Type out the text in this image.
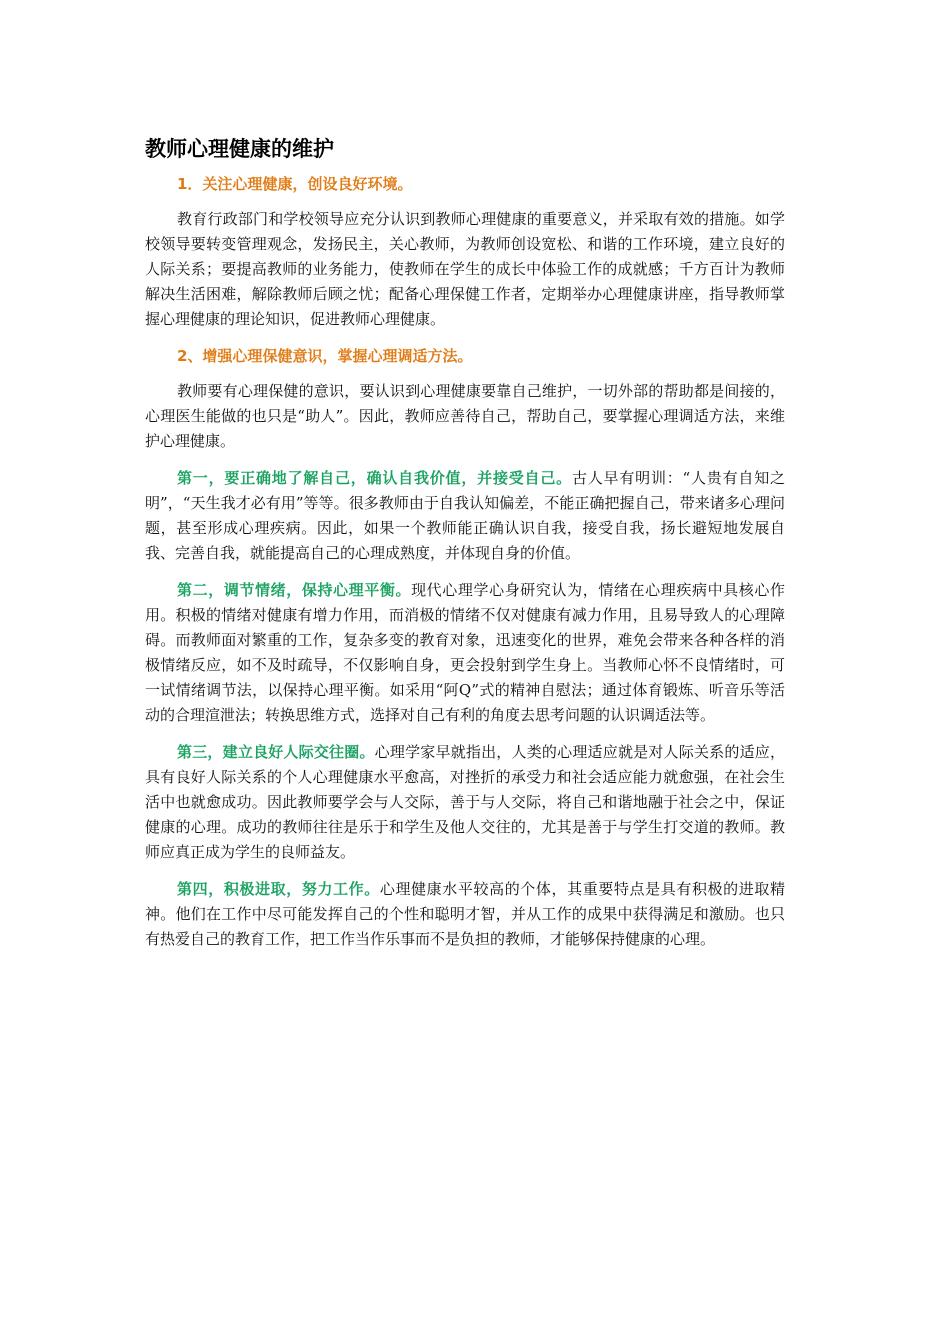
教师心理健康的维护
1．关注心理健康，创设良好环境。

教育行政部门和学校领导应充分认识到教师心理健康的重要意义，并采取有效的措施。如学校领导要转变管理观念，发扬民主，关心教师，为教师创设宽松、和谐的工作环境，建立良好的人际关系；要提高教师的业务能力，使教师在学生的成长中体验工作的成就感；千方百计为教师解决生活困难，解除教师后顾之忧；配备心理保健工作者，定期举办心理健康讲座，指导教师掌握心理健康的理论知识，促进教师心理健康。

2、增强心理保健意识，掌握心理调适方法。

教师要有心理保健的意识，要认识到心理健康要靠自己维护，一切外部的帮助都是间接的，心理医生能做的也只是“助人”。因此，教师应善待自己，帮助自己，要掌握心理调适方法，来维护心理健康。

第一，要正确地了解自己，确认自我价值，并接受自己。古人早有明训：“人贵有自知之明”，“天生我才必有用”等等。很多教师由于自我认知偏差，不能正确把握自己，带来诸多心理问题，甚至形成心理疾病。因此，如果一个教师能正确认识自我，接受自我，扬长避短地发展自我、完善自我，就能提高自己的心理成熟度，并体现自身的价值。

第二，调节情绪，保持心理平衡。现代心理学心身研究认为，情绪在心理疾病中具核心作用。积极的情绪对健康有增力作用，而消极的情绪不仅对健康有减力作用，且易导致人的心理障碍。而教师面对繁重的工作，复杂多变的教育对象，迅速变化的世界，难免会带来各种各样的消极情绪反应，如不及时疏导，不仅影响自身，更会投射到学生身上。当教师心怀不良情绪时，可一试情绪调节法，以保持心理平衡。如采用“阿Q”式的精神自慰法；通过体育锻炼、听音乐等活动的合理渲泄法；转换思维方式，选择对自己有利的角度去思考问题的认识调适法等。

第三，建立良好人际交往圈。心理学家早就指出，人类的心理适应就是对人际关系的适应，具有良好人际关系的个人心理健康水平愈高，对挫折的承受力和社会适应能力就愈强，在社会生活中也就愈成功。因此教师要学会与人交际，善于与人交际，将自己和谐地融于社会之中，保证健康的心理。成功的教师往往是乐于和学生及他人交往的，尤其是善于与学生打交道的教师。教师应真正成为学生的良师益友。

第四，积极进取，努力工作。心理健康水平较高的个体，其重要特点是具有积极的进取精神。他们在工作中尽可能发挥自己的个性和聪明才智，并从工作的成果中获得满足和激励。也只有热爱自己的教育工作，把工作当作乐事而不是负担的教师，才能够保持健康的心理。
